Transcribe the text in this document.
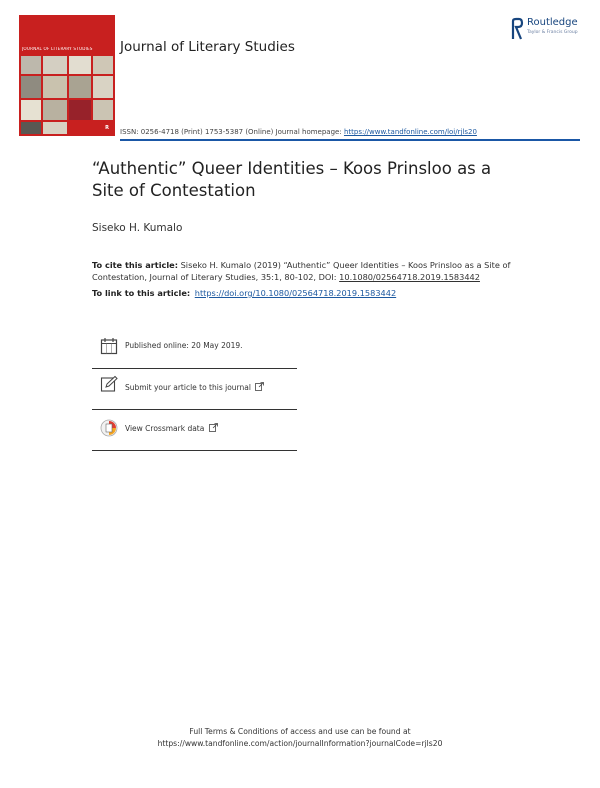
JOURNAL OF LITERARY STUDIES
R
Journal of Literary Studies
Routledge
Taylor & Francis Group
ISSN: 0256-4718 (Print) 1753-5387 (Online) Journal homepage: https://www.tandfonline.com/loi/rjls20
“Authentic” Queer Identities – Koos Prinsloo as a Site of Contestation
Siseko H. Kumalo
To cite this article: Siseko H. Kumalo (2019) “Authentic” Queer Identities – Koos Prinsloo as a Site of Contestation, Journal of Literary Studies, 35:1, 80-102, DOI: 10.1080/02564718.2019.1583442
To link to this article: https://doi.org/10.1080/02564718.2019.1583442
Published online: 20 May 2019.
Submit your article to this journal
View Crossmark data
Full Terms & Conditions of access and use can be found at
https://www.tandfonline.com/action/journalInformation?journalCode=rjls20
